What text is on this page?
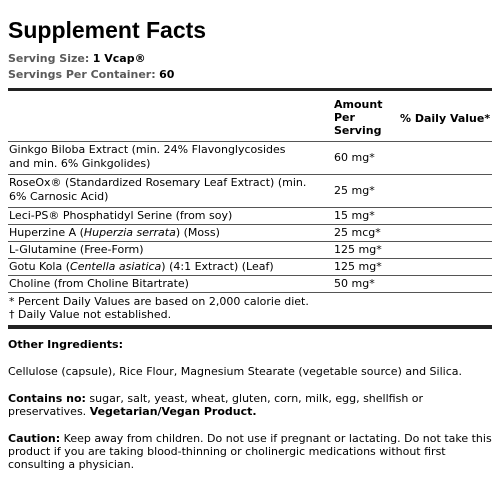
Supplement Facts
Serving Size: 1 Vcap®
Servings Per Container: 60
Amount Per Serving
% Daily Value*
Ginkgo Biloba Extract (min. 24% Flavonglycosides and min. 6% Ginkgolides)	60 mg*
RoseOx® (Standardized Rosemary Leaf Extract) (min. 6% Carnosic Acid)	25 mg*
Leci-PS® Phosphatidyl Serine (from soy)	15 mg*
Huperzine A (Huperzia serrata) (Moss)	25 mcg*
L-Glutamine (Free-Form)	125 mg*
Gotu Kola (Centella asiatica) (4:1 Extract) (Leaf)	125 mg*
Choline (from Choline Bitartrate)	50 mg*
* Percent Daily Values are based on 2,000 calorie diet.
† Daily Value not established.
Other Ingredients:
Cellulose (capsule), Rice Flour, Magnesium Stearate (vegetable source) and Silica.
Contains no: sugar, salt, yeast, wheat, gluten, corn, milk, egg, shellfish or preservatives. Vegetarian/Vegan Product.
Caution: Keep away from children. Do not use if pregnant or lactating. Do not take this product if you are taking blood-thinning or cholinergic medications without first consulting a physician.
